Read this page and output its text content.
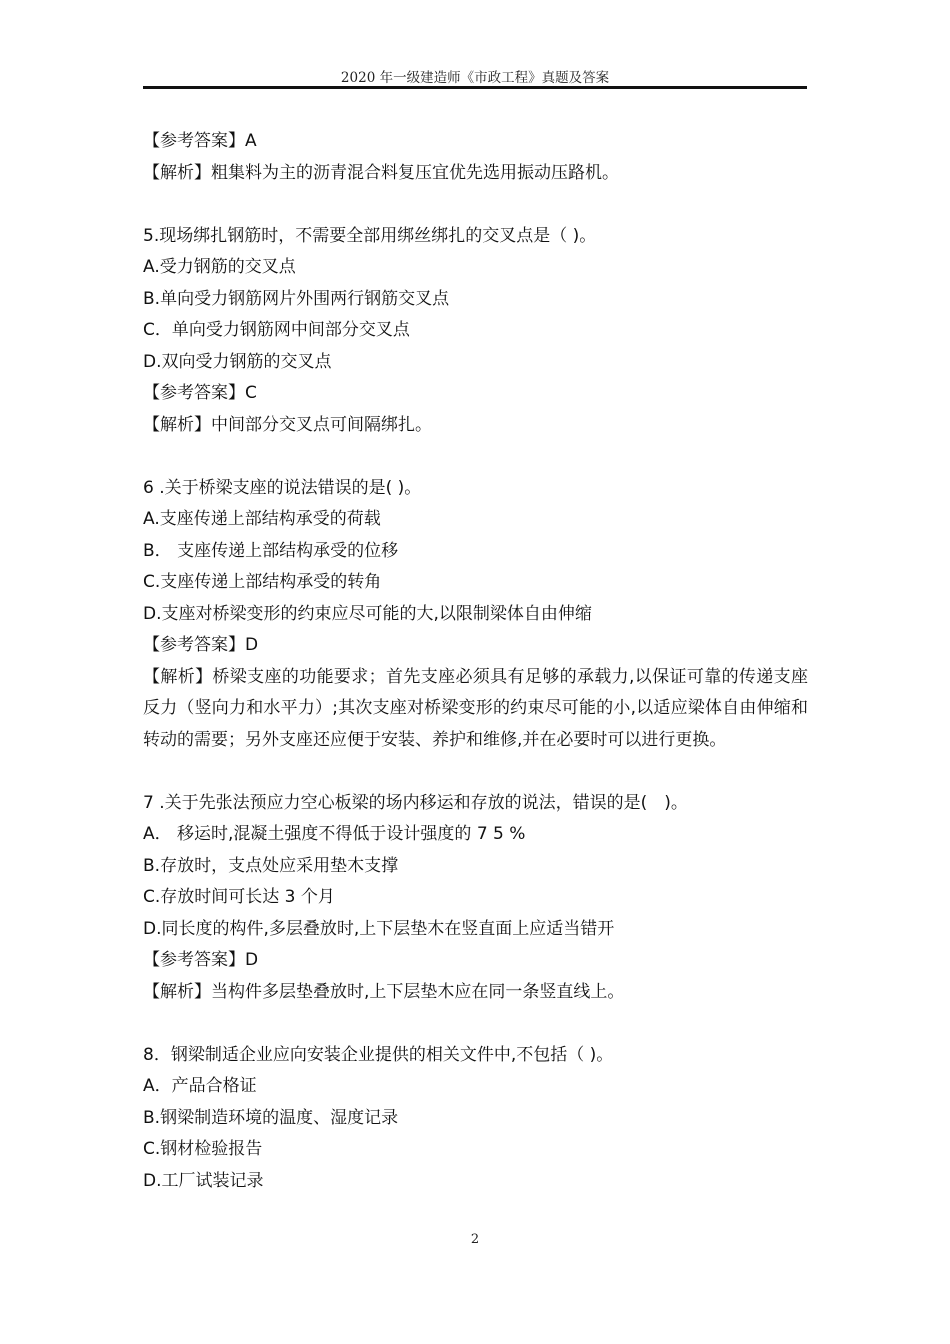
2020 年一级建造师《市政工程》真题及答案
【参考答案】A
【解析】粗集料为主的沥青混合料复压宜优先选用振动压路机。
5.现场绑扎钢筋时，不需要全部用绑丝绑扎的交叉点是（ )。
A.受力钢筋的交叉点
B.单向受力钢筋网片外围两行钢筋交叉点
C．单向受力钢筋网中间部分交叉点
D.双向受力钢筋的交叉点
【参考答案】C
【解析】中间部分交叉点可间隔绑扎。
6 .关于桥梁支座的说法错误的是( )。
A.支座传递上部结构承受的荷载
B． 支座传递上部结构承受的位移
C.支座传递上部结构承受的转角
D.支座对桥梁变形的约束应尽可能的大,以限制梁体自由伸缩
【参考答案】D
【解析】桥梁支座的功能要求；首先支座必须具有足够的承载力,以保证可靠的传递支座反力（竖向力和水平力）;其次支座对桥梁变形的约束尽可能的小,以适应梁体自由伸缩和转动的需要；另外支座还应便于安装、养护和维修,并在必要时可以进行更换。
7 .关于先张法预应力空心板梁的场内移运和存放的说法，错误的是(　)。
A． 移运时,混凝土强度不得低于设计强度的 7 5 %
B.存放时，支点处应采用垫木支撑
C.存放时间可长达 3 个月
D.同长度的构件,多层叠放时,上下层垫木在竖直面上应适当错开
【参考答案】D
【解析】当构件多层垫叠放时,上下层垫木应在同一条竖直线上。
8．钢梁制适企业应向安装企业提供的相关文件中,不包括（ )。
A．产品合格证
B.钢梁制造环境的温度、湿度记录
C.钢材检验报告
D.工厂试装记录
2
